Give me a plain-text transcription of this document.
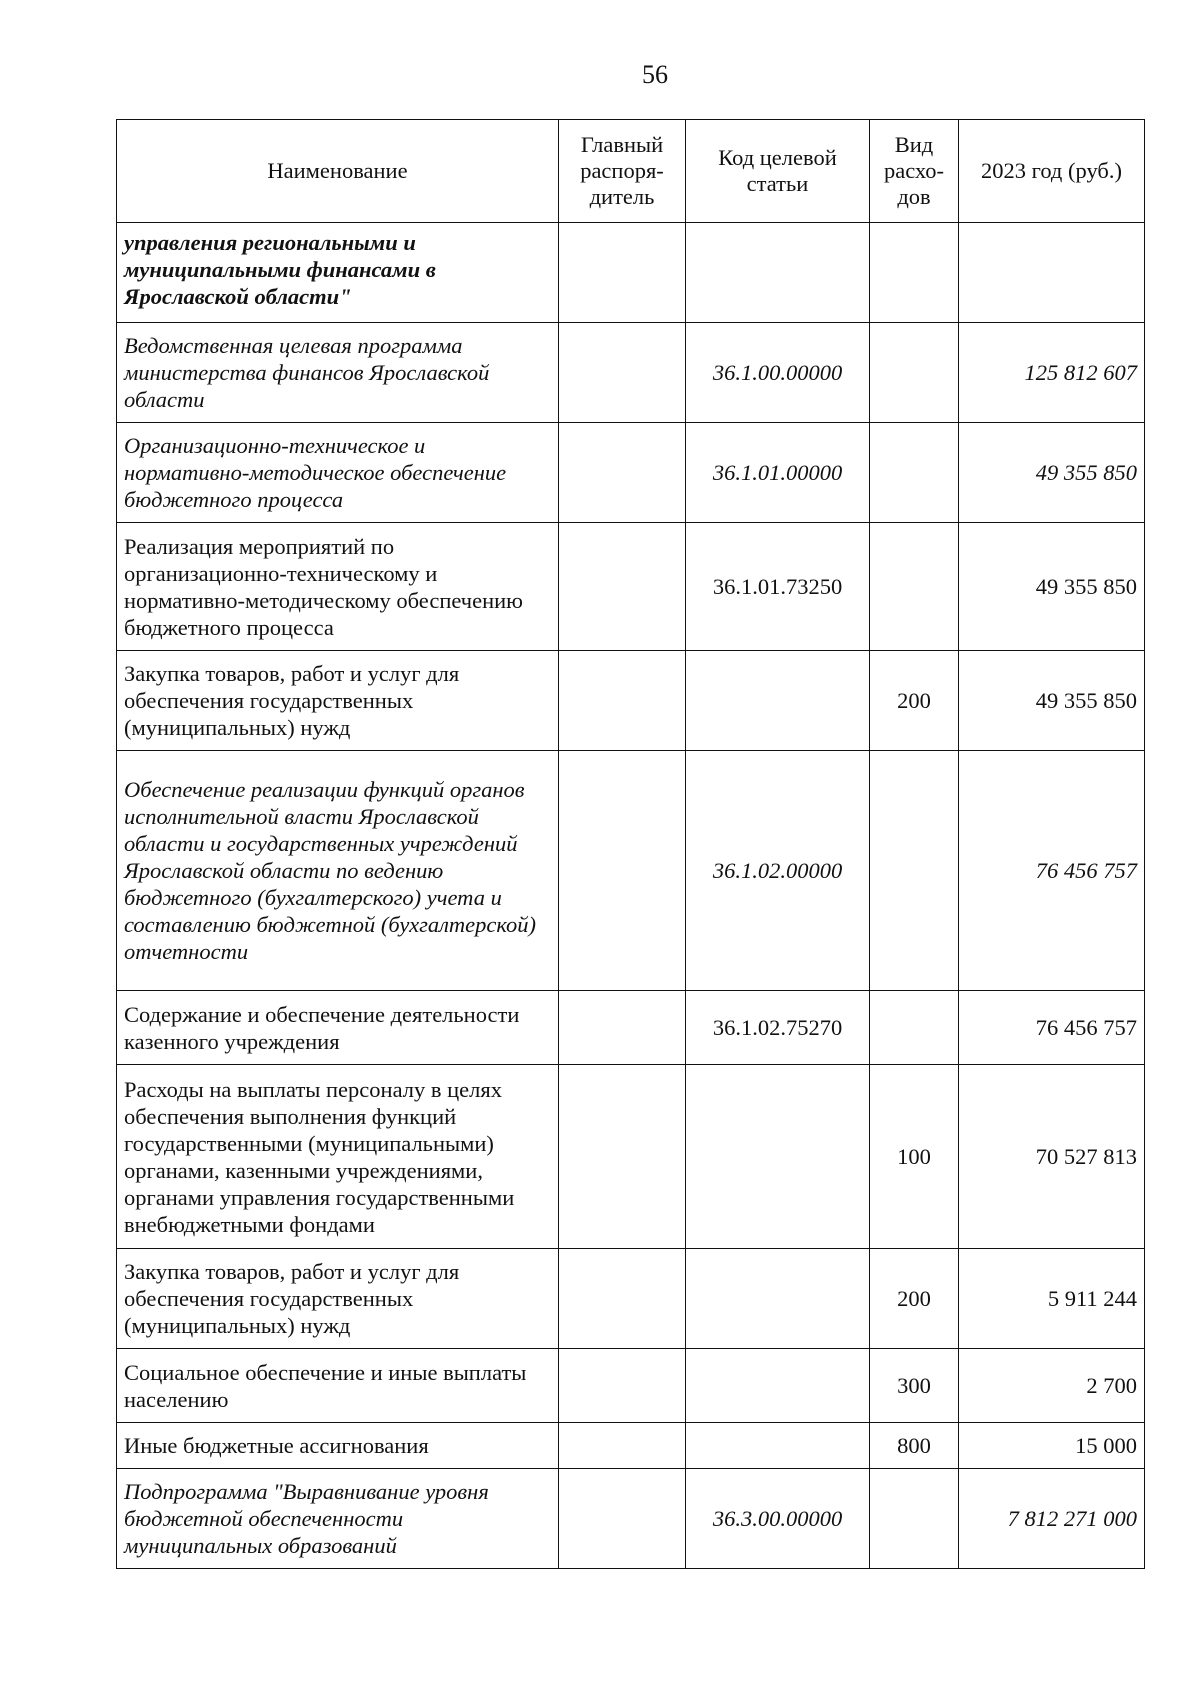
56
Наименование	Главный распоря-дитель	Код целевой статьи	Вид расхо-дов	2023 год (руб.)
управления региональными и муниципальными финансами в Ярославской области"				
Ведомственная целевая программа министерства финансов Ярославской области		36.1.00.00000		125 812 607
Организационно-техническое и нормативно-методическое обеспечение бюджетного процесса		36.1.01.00000		49 355 850
Реализация мероприятий по организационно-техническому и нормативно-методическому обеспечению бюджетного процесса		36.1.01.73250		49 355 850
Закупка товаров, работ и услуг для обеспечения государственных (муниципальных) нужд			200	49 355 850
Обеспечение реализации функций органов исполнительной власти Ярославской области и государственных учреждений Ярославской области по ведению бюджетного (бухгалтерского) учета и составлению бюджетной (бухгалтерской) отчетности		36.1.02.00000		76 456 757
Содержание и обеспечение деятельности казенного учреждения		36.1.02.75270		76 456 757
Расходы на выплаты персоналу в целях обеспечения выполнения функций государственными (муниципальными) органами, казенными учреждениями, органами управления государственными внебюджетными фондами			100	70 527 813
Закупка товаров, работ и услуг для обеспечения государственных (муниципальных) нужд			200	5 911 244
Социальное обеспечение и иные выплаты населению			300	2 700
Иные бюджетные ассигнования			800	15 000
Подпрограмма "Выравнивание уровня бюджетной обеспеченности муниципальных образований		36.3.00.00000		7 812 271 000
